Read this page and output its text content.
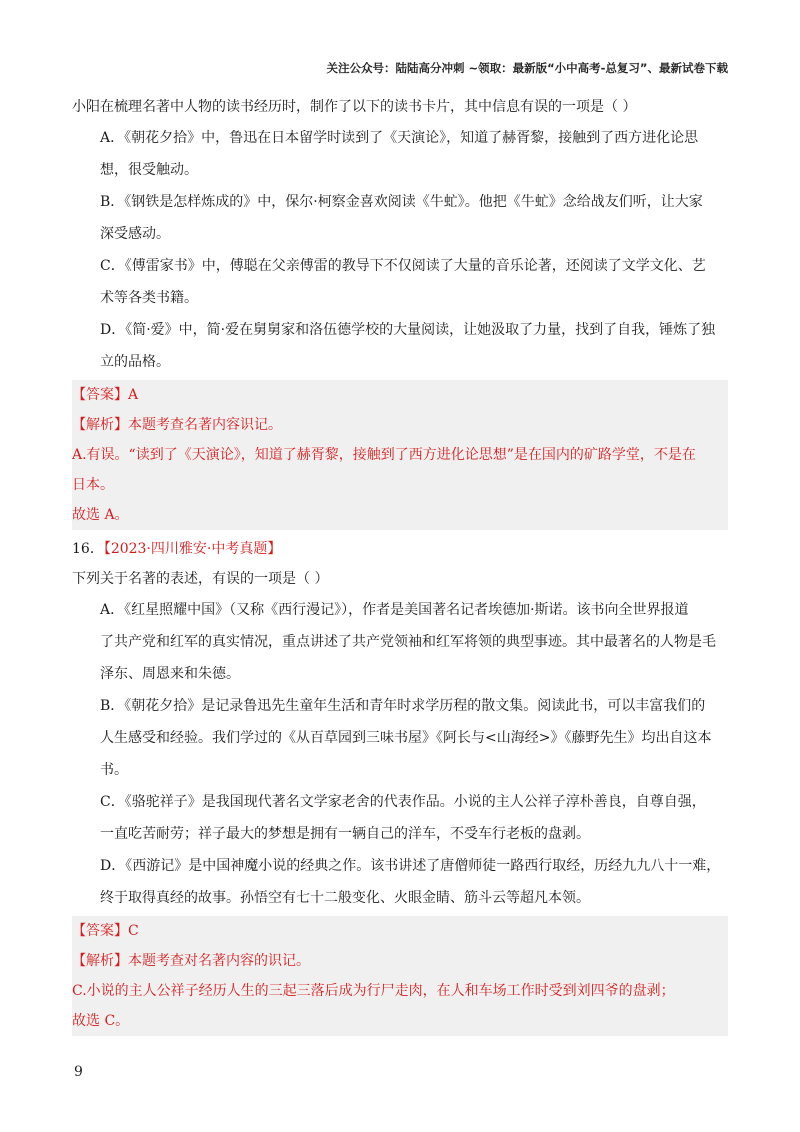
关注公众号：陆陆高分冲刺 ~领取：最新版“小中高考-总复习”、最新试卷下载

小阳在梳理名著中人物的读书经历时，制作了以下的读书卡片，其中信息有误的一项是（ ）

A．《朝花夕拾》中，鲁迅在日本留学时读到了《天演论》，知道了赫胥黎，接触到了西方进化论思

想，很受触动。

B．《钢铁是怎样炼成的》中，保尔·柯察金喜欢阅读《牛虻》。他把《牛虻》念给战友们听，让大家

深受感动。

C．《傅雷家书》中，傅聪在父亲傅雷的教导下不仅阅读了大量的音乐论著，还阅读了文学文化、艺

术等各类书籍。

D．《简·爱》中，简·爱在舅舅家和洛伍德学校的大量阅读，让她汲取了力量，找到了自我，锤炼了独

立的品格。

【答案】A

【解析】本题考查名著内容识记。

A.有误。“读到了《天演论》，知道了赫胥黎，接触到了西方进化论思想”是在国内的矿路学堂，不是在

日本。

故选 A。

16．【2023·四川雅安·中考真题】

下列关于名著的表述，有误的一项是（ ）

A．《红星照耀中国》（又称《西行漫记》），作者是美国著名记者埃德加·斯诺。该书向全世界报道

了共产党和红军的真实情况，重点讲述了共产党领袖和红军将领的典型事迹。其中最著名的人物是毛

泽东、周恩来和朱德。

B．《朝花夕拾》是记录鲁迅先生童年生活和青年时求学历程的散文集。阅读此书，可以丰富我们的

人生感受和经验。我们学过的《从百草园到三味书屋》《阿长与<山海经>》《藤野先生》均出自这本

书。

C．《骆驼祥子》是我国现代著名文学家老舍的代表作品。小说的主人公祥子淳朴善良，自尊自强，

一直吃苦耐劳；祥子最大的梦想是拥有一辆自己的洋车，不受车行老板的盘剥。

D．《西游记》是中国神魔小说的经典之作。该书讲述了唐僧师徒一路西行取经，历经九九八十一难，

终于取得真经的故事。孙悟空有七十二般变化、火眼金睛、筋斗云等超凡本领。

【答案】C

【解析】本题考查对名著内容的识记。

C.小说的主人公祥子经历人生的三起三落后成为行尸走肉，在人和车场工作时受到刘四爷的盘剥；

故选 C。

9
